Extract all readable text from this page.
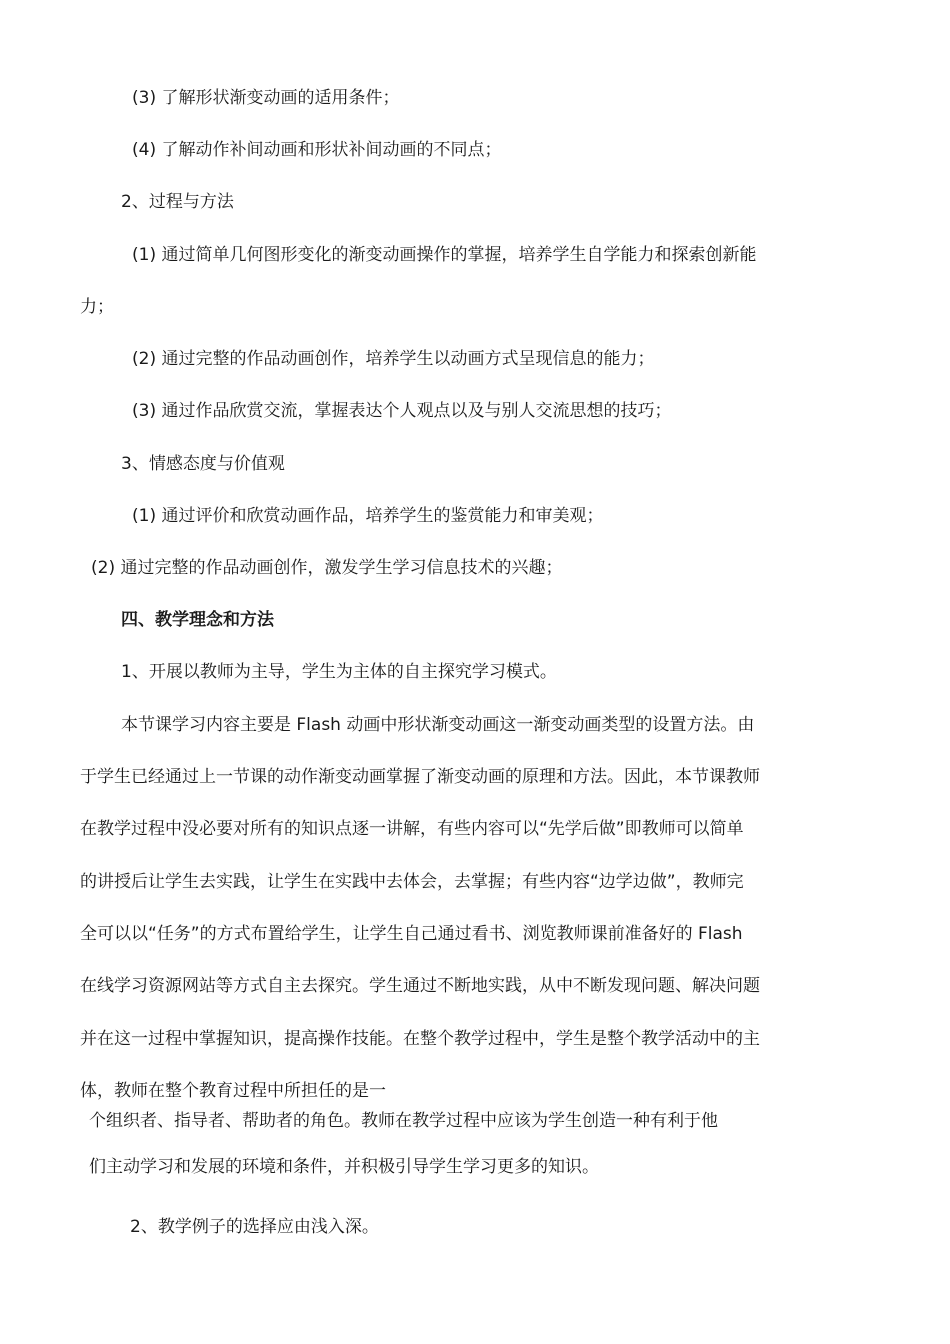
(3) 了解形状渐变动画的适用条件；
(4) 了解动作补间动画和形状补间动画的不同点；
2、过程与方法
(1) 通过简单几何图形变化的渐变动画操作的掌握，培养学生自学能力和探索创新能
力；
(2) 通过完整的作品动画创作，培养学生以动画方式呈现信息的能力；
(3) 通过作品欣赏交流，掌握表达个人观点以及与别人交流思想的技巧；
3、情感态度与价值观
(1) 通过评价和欣赏动画作品，培养学生的鉴赏能力和审美观；
(2) 通过完整的作品动画创作，激发学生学习信息技术的兴趣；
四、教学理念和方法
1、开展以教师为主导，学生为主体的自主探究学习模式。
本节课学习内容主要是 Flash 动画中形状渐变动画这一渐变动画类型的设置方法。由
于学生已经通过上一节课的动作渐变动画掌握了渐变动画的原理和方法。因此，本节课教师
在教学过程中没必要对所有的知识点逐一讲解，有些内容可以“先学后做”即教师可以简单
的讲授后让学生去实践，让学生在实践中去体会，去掌握；有些内容“边学边做”，教师完
全可以以“任务”的方式布置给学生，让学生自己通过看书、浏览教师课前准备好的 Flash
在线学习资源网站等方式自主去探究。学生通过不断地实践，从中不断发现问题、解决问题
并在这一过程中掌握知识，提高操作技能。在整个教学过程中，学生是整个教学活动中的主
体，教师在整个教育过程中所担任的是一
个组织者、指导者、帮助者的角色。教师在教学过程中应该为学生创造一种有利于他
们主动学习和发展的环境和条件，并积极引导学生学习更多的知识。
2、教学例子的选择应由浅入深。
